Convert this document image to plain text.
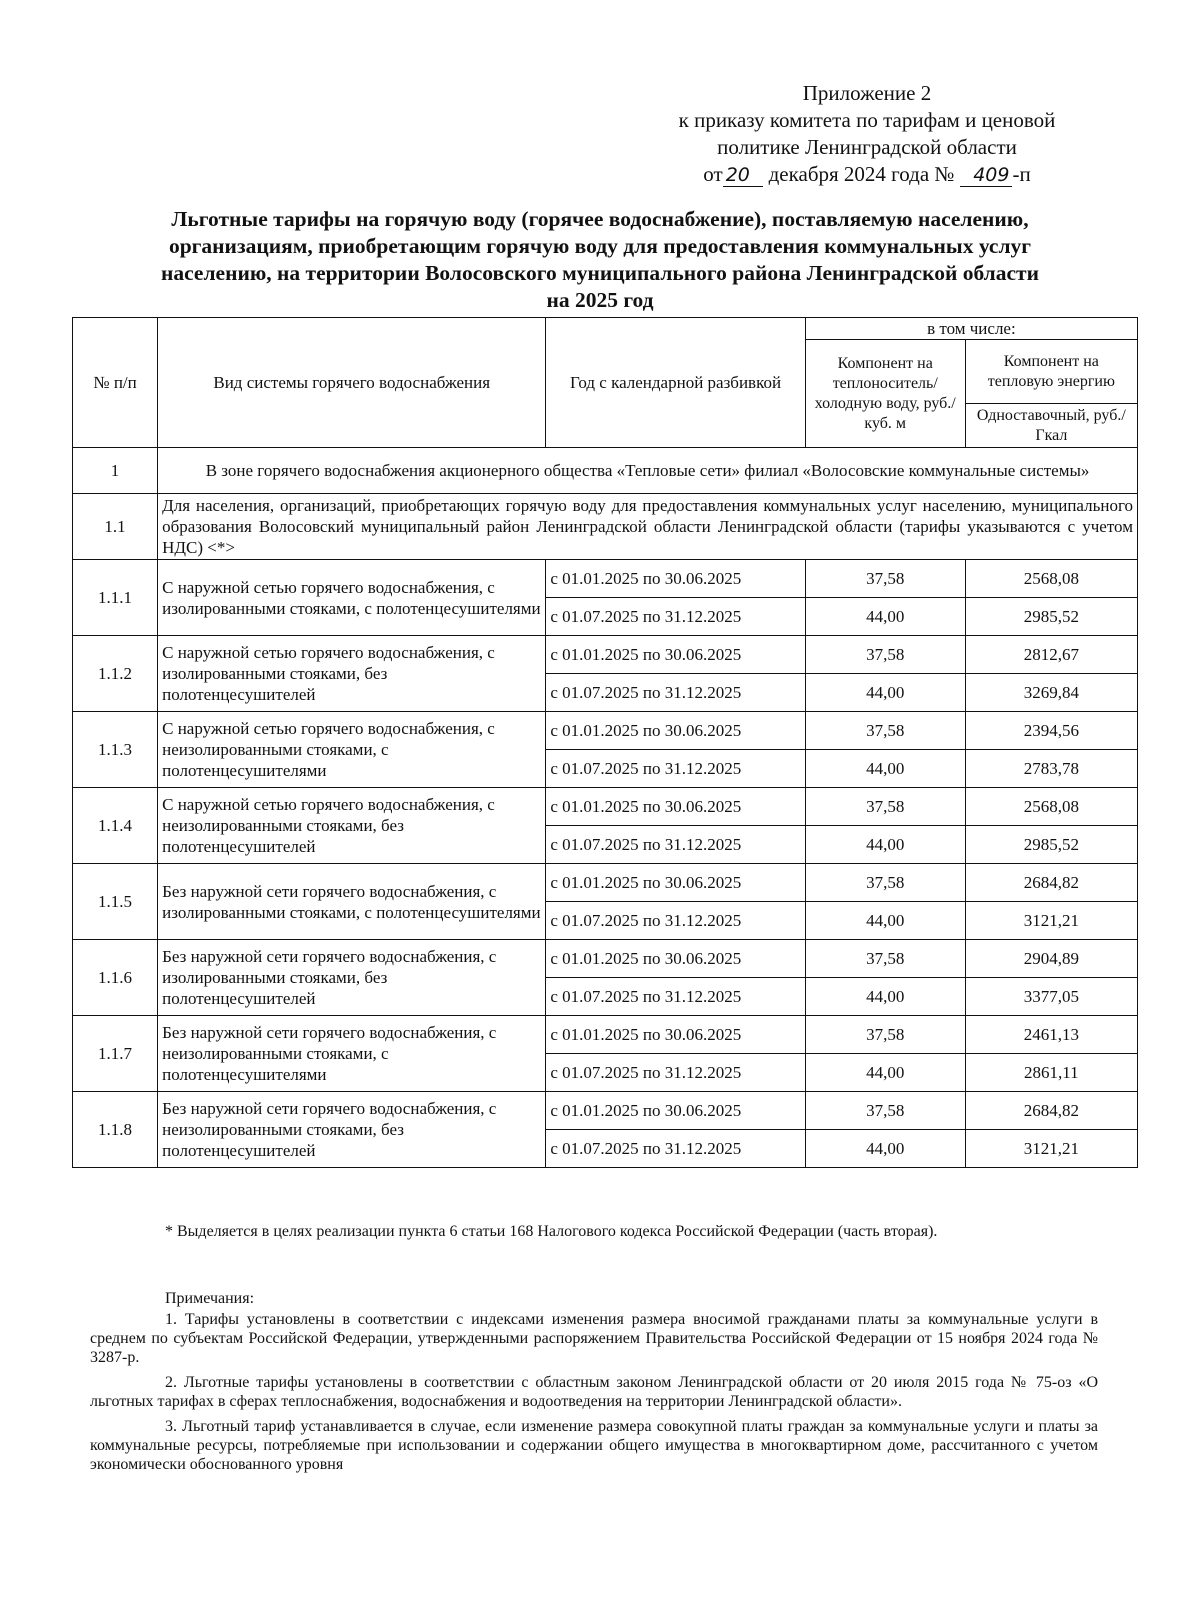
Приложение 2
к приказу комитета по тарифам и ценовой
политике Ленинградской области
от 20 декабря 2024 года № 409 -п
Льготные тарифы на горячую воду (горячее водоснабжение), поставляемую населению,
организациям, приобретающим горячую воду для предоставления коммунальных услуг
населению, на территории Волосовского муниципального района Ленинградской области
на 2025 год
№ п/п	Вид системы горячего водоснабжения	Год с календарной разбивкой	в том числе:	
			Компонент на теплоноситель/ холодную воду, руб./куб. м	Компонент на тепловую энергию
				Одноставочный, руб./Гкал
1	В зоне горячего водоснабжения акционерного общества «Тепловые сети» филиал «Волосовские коммунальные системы»			
1.1	Для населения, организаций, приобретающих горячую воду для предоставления коммунальных услуг населению, муниципального образования Волосовский муниципальный район Ленинградской области Ленинградской области (тарифы указываются с учетом НДС) <*>			
1.1.1	С наружной сетью горячего водоснабжения, с изолированными стояками, с полотенцесушителями	с 01.01.2025 по 30.06.2025	37,58	2568,08
		с 01.07.2025 по 31.12.2025	44,00	2985,52
1.1.2	С наружной сетью горячего водоснабжения, с изолированными стояками, без полотенцесушителей	с 01.01.2025 по 30.06.2025	37,58	2812,67
		с 01.07.2025 по 31.12.2025	44,00	3269,84
1.1.3	С наружной сетью горячего водоснабжения, с неизолированными стояками, с полотенцесушителями	с 01.01.2025 по 30.06.2025	37,58	2394,56
		с 01.07.2025 по 31.12.2025	44,00	2783,78
1.1.4	С наружной сетью горячего водоснабжения, с неизолированными стояками, без полотенцесушителей	с 01.01.2025 по 30.06.2025	37,58	2568,08
		с 01.07.2025 по 31.12.2025	44,00	2985,52
1.1.5	Без наружной сети горячего водоснабжения, с изолированными стояками, с полотенцесушителями	с 01.01.2025 по 30.06.2025	37,58	2684,82
		с 01.07.2025 по 31.12.2025	44,00	3121,21
1.1.6	Без наружной сети горячего водоснабжения, с изолированными стояками, без полотенцесушителей	с 01.01.2025 по 30.06.2025	37,58	2904,89
		с 01.07.2025 по 31.12.2025	44,00	3377,05
1.1.7	Без наружной сети горячего водоснабжения, с неизолированными стояками, с полотенцесушителями	с 01.01.2025 по 30.06.2025	37,58	2461,13
		с 01.07.2025 по 31.12.2025	44,00	2861,11
1.1.8	Без наружной сети горячего водоснабжения, с неизолированными стояками, без полотенцесушителей	с 01.01.2025 по 30.06.2025	37,58	2684,82
		с 01.07.2025 по 31.12.2025	44,00	3121,21
* Выделяется в целях реализации пункта 6 статьи 168 Налогового кодекса Российской Федерации (часть вторая).
Примечания:

1. Тарифы установлены в соответствии с индексами изменения размера вносимой гражданами платы за коммунальные услуги в среднем по субъектам Российской Федерации, утвержденными распоряжением Правительства Российской Федерации от 15 ноября 2024 года № 3287-р.

2. Льготные тарифы установлены в соответствии с областным законом Ленинградской области от 20 июля 2015 года № 75-оз «О льготных тарифах в сферах теплоснабжения, водоснабжения и водоотведения на территории Ленинградской области».

3. Льготный тариф устанавливается в случае, если изменение размера совокупной платы граждан за коммунальные услуги и платы за коммунальные ресурсы, потребляемые при использовании и содержании общего имущества в многоквартирном доме, рассчитанного с учетом экономически обоснованного уровня
